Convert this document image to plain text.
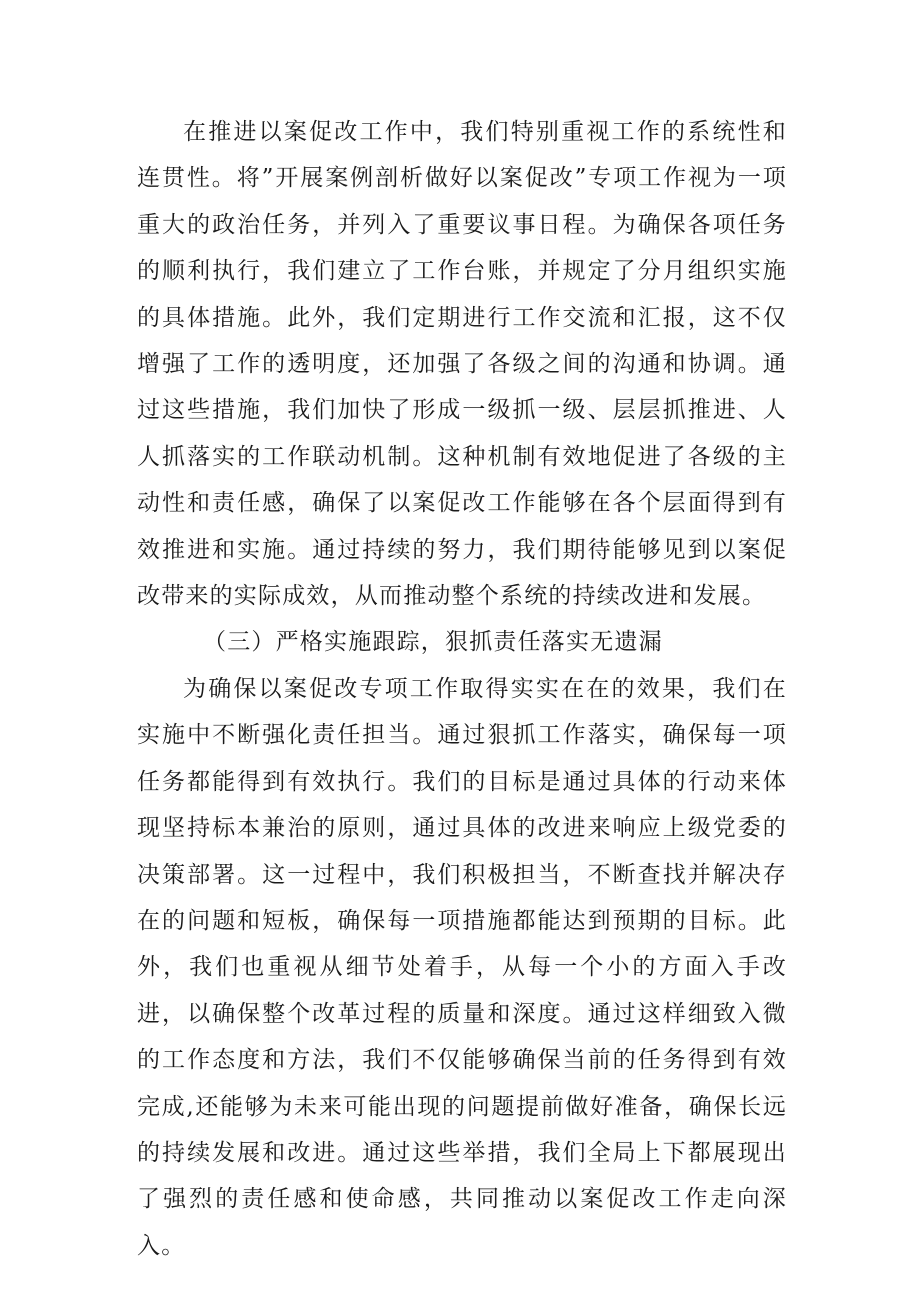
在推进以案促改工作中，我们特别重视工作的系统性和连贯性。将”开展案例剖析做好以案促改”专项工作视为一项重大的政治任务，并列入了重要议事日程。为确保各项任务的顺利执行，我们建立了工作台账，并规定了分月组织实施的具体措施。此外，我们定期进行工作交流和汇报，这不仅增强了工作的透明度，还加强了各级之间的沟通和协调。通过这些措施，我们加快了形成一级抓一级、层层抓推进、人人抓落实的工作联动机制。这种机制有效地促进了各级的主动性和责任感，确保了以案促改工作能够在各个层面得到有效推进和实施。通过持续的努力，我们期待能够见到以案促改带来的实际成效，从而推动整个系统的持续改进和发展。

（三）严格实施跟踪，狠抓责任落实无遗漏

为确保以案促改专项工作取得实实在在的效果，我们在实施中不断强化责任担当。通过狠抓工作落实，确保每一项任务都能得到有效执行。我们的目标是通过具体的行动来体现坚持标本兼治的原则，通过具体的改进来响应上级党委的决策部署。这一过程中，我们积极担当，不断查找并解决存在的问题和短板，确保每一项措施都能达到预期的目标。此外，我们也重视从细节处着手，从每一个小的方面入手改进，以确保整个改革过程的质量和深度。通过这样细致入微的工作态度和方法，我们不仅能够确保当前的任务得到有效完成,还能够为未来可能出现的问题提前做好准备，确保长远的持续发展和改进。通过这些举措，我们全局上下都展现出了强烈的责任感和使命感，共同推动以案促改工作走向深入。
